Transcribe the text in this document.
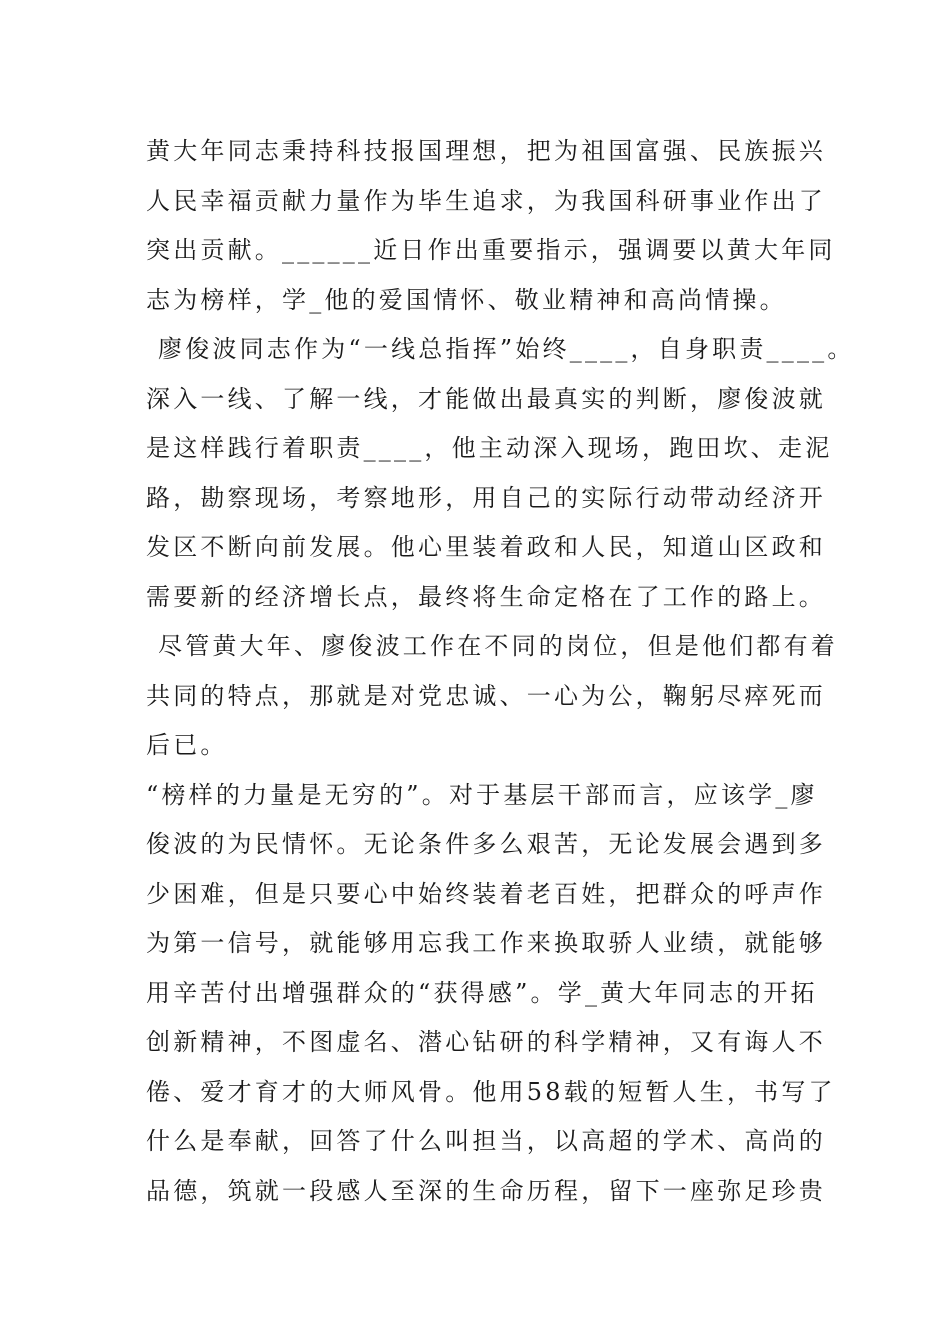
黄大年同志秉持科技报国理想，把为祖国富强、民族振兴
人民幸福贡献力量作为毕生追求，为我国科研事业作出了
突出贡献。______近日作出重要指示，强调要以黄大年同
志为榜样，学_他的爱国情怀、敬业精神和高尚情操。
廖俊波同志作为“一线总指挥”始终____，自身职责____。
深入一线、了解一线，才能做出最真实的判断，廖俊波就
是这样践行着职责____，他主动深入现场，跑田坎、走泥
路，勘察现场，考察地形，用自己的实际行动带动经济开
发区不断向前发展。他心里装着政和人民，知道山区政和
需要新的经济增长点，最终将生命定格在了工作的路上。
尽管黄大年、廖俊波工作在不同的岗位，但是他们都有着
共同的特点，那就是对党忠诚、一心为公，鞠躬尽瘁死而
后已。
“榜样的力量是无穷的”。对于基层干部而言，应该学_廖
俊波的为民情怀。无论条件多么艰苦，无论发展会遇到多
少困难，但是只要心中始终装着老百姓，把群众的呼声作
为第一信号，就能够用忘我工作来换取骄人业绩，就能够
用辛苦付出增强群众的“获得感”。学_黄大年同志的开拓
创新精神，不图虚名、潜心钻研的科学精神，又有诲人不
倦、爱才育才的大师风骨。他用58载的短暂人生，书写了
什么是奉献，回答了什么叫担当，以高超的学术、高尚的
品德，筑就一段感人至深的生命历程，留下一座弥足珍贵
